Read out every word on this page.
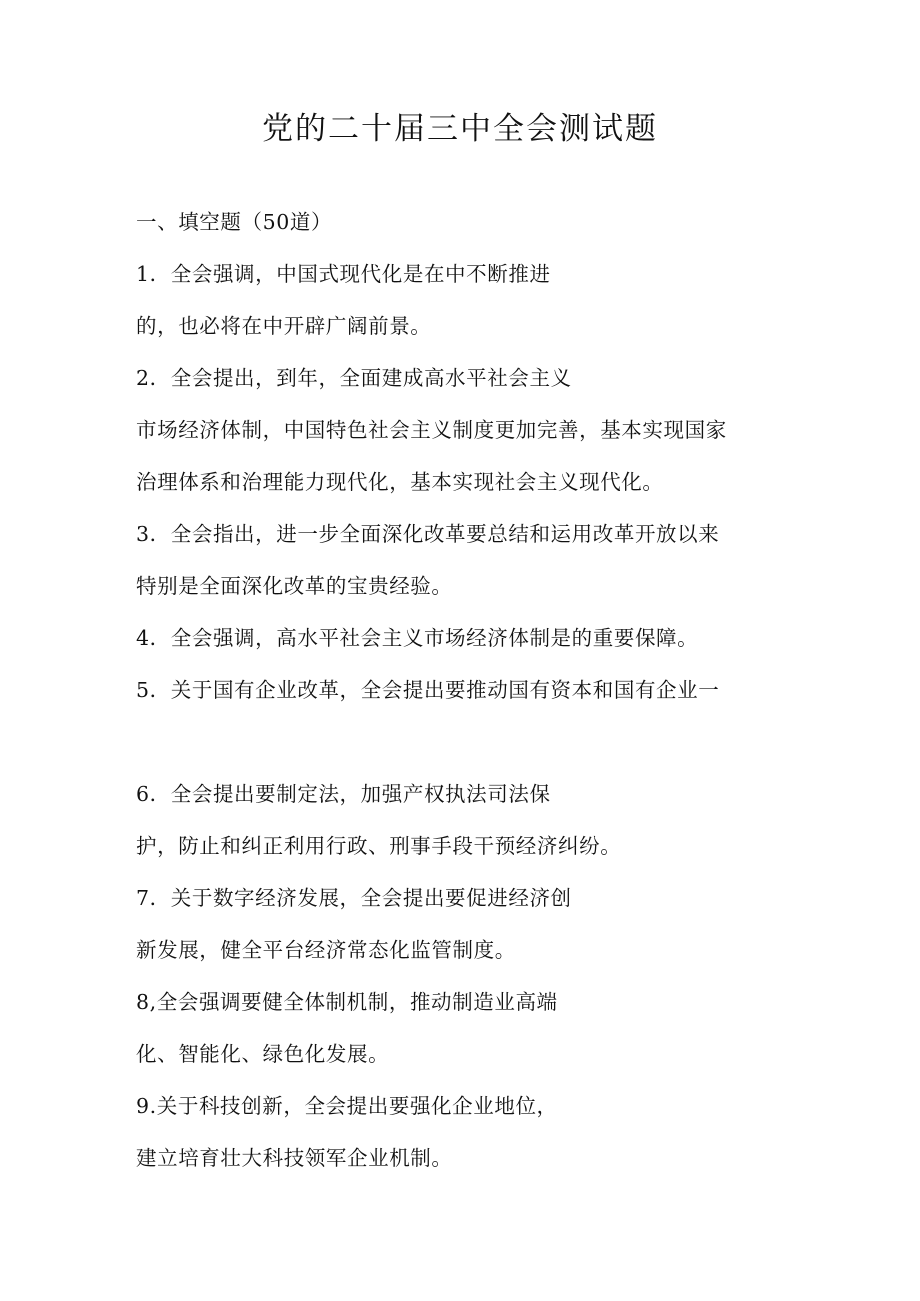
党的二十届三中全会测试题
一、填空题（50道）
1．全会强调，中国式现代化是在中不断推进
的，也必将在中开辟广阔前景。
2．全会提出，到年，全面建成高水平社会主义
市场经济体制，中国特色社会主义制度更加完善，基本实现国家
治理体系和治理能力现代化，基本实现社会主义现代化。
3．全会指出，进一步全面深化改革要总结和运用改革开放以来
特别是全面深化改革的宝贵经验。
4．全会强调，高水平社会主义市场经济体制是的重要保障。
5．关于国有企业改革，全会提出要推动国有资本和国有企业一
6．全会提出要制定法，加强产权执法司法保
护，防止和纠正利用行政、刑事手段干预经济纠纷。
7．关于数字经济发展，全会提出要促进经济创
新发展，健全平台经济常态化监管制度。
8,全会强调要健全体制机制，推动制造业高端
化、智能化、绿色化发展。
9.关于科技创新，全会提出要强化企业地位，
建立培育壮大科技领军企业机制。
